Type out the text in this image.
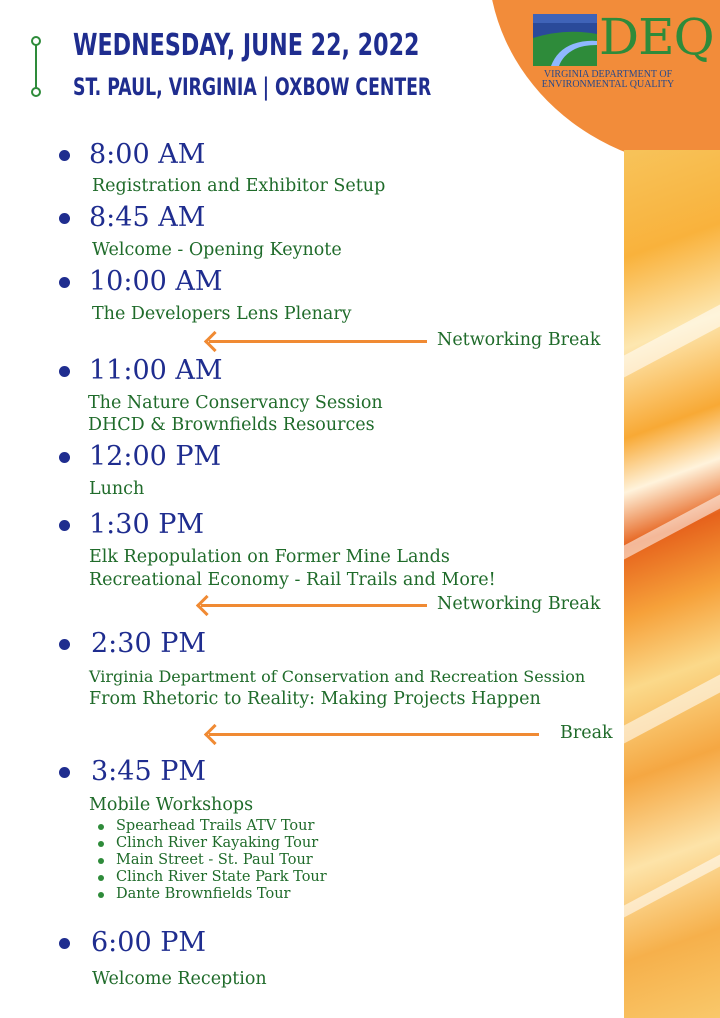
DEQ
VIRGINIA DEPARTMENT OF
ENVIRONMENTAL QUALITY
WEDNESDAY, JUNE 22, 2022
ST. PAUL, VIRGINIA | OXBOW CENTER
8:00 AM
Registration and Exhibitor Setup
8:45 AM
Welcome - Opening Keynote
10:00 AM
The Developers Lens Plenary
Networking Break
11:00 AM
The Nature Conservancy Session
DHCD & Brownfields Resources
12:00 PM
Lunch
1:30 PM
Elk Repopulation on Former Mine Lands
Recreational Economy - Rail Trails and More!
Networking Break
2:30 PM
Virginia Department of Conservation and Recreation Session
From Rhetoric to Reality: Making Projects Happen
Break
3:45 PM
Mobile Workshops
Spearhead Trails ATV Tour
Clinch River Kayaking Tour
Main Street - St. Paul Tour
Clinch River State Park Tour
Dante Brownfields Tour
6:00 PM
Welcome Reception
